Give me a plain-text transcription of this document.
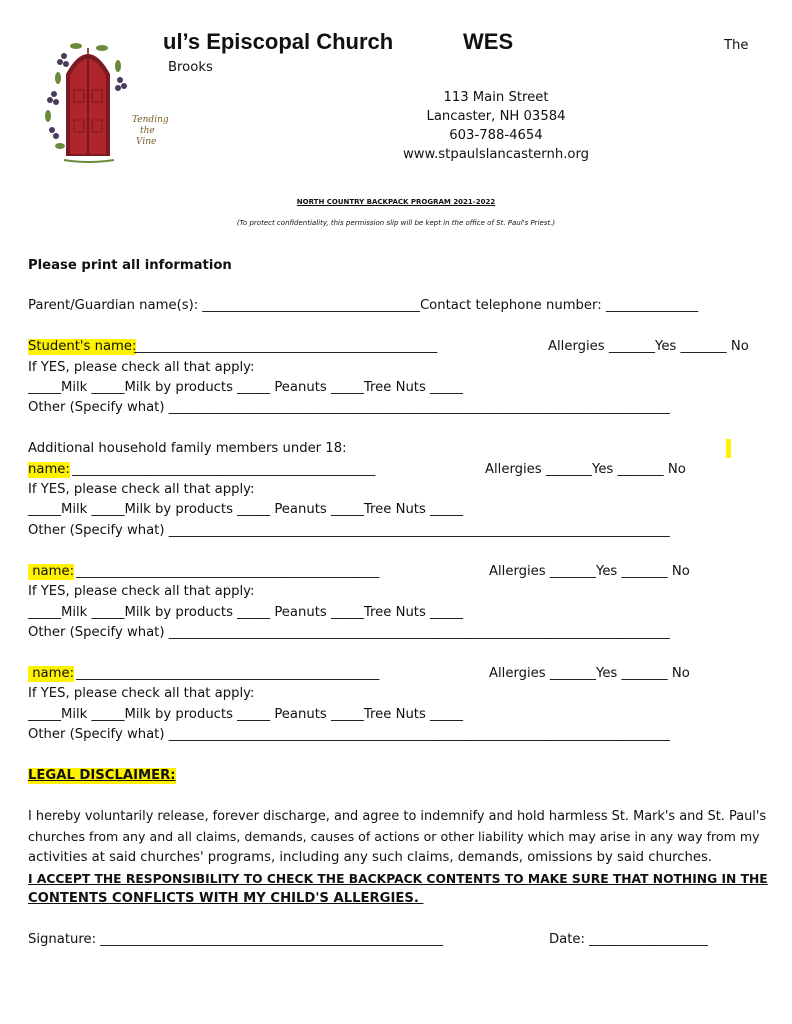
Tending
the
Vine
ul’s Episcopal Church	WES	The
Brooks
113 Main Street
Lancaster, NH 03584
603-788-4654
www.stpaulslancasternh.org
NORTH COUNTRY BACKPACK PROGRAM 2021-2022
(To protect confidentiality, this permission slip will be kept in the office of St. Paul's Priest.)
Please print all information
Parent/Guardian name(s): _________________________________Contact telephone number: ______________
Student's name:
______________________________________________	Allergies _______Yes _______ No
If YES, please check all that apply:
_____Milk _____Milk by products _____ Peanuts _____Tree Nuts _____
Other (Specify what) ____________________________________________________________________________
Additional household family members under 18:
name: ______________________________________________	Allergies _______Yes _______ No
If YES, please check all that apply:
_____Milk _____Milk by products _____ Peanuts _____Tree Nuts _____
Other (Specify what) ____________________________________________________________________________
name: ______________________________________________	Allergies _______Yes _______ No
If YES, please check all that apply:
_____Milk _____Milk by products _____ Peanuts _____Tree Nuts _____
Other (Specify what) ____________________________________________________________________________
name: ______________________________________________	Allergies _______Yes _______ No
If YES, please check all that apply:
_____Milk _____Milk by products _____ Peanuts _____Tree Nuts _____
Other (Specify what) ____________________________________________________________________________
LEGAL DISCLAIMER:
I hereby voluntarily release, forever discharge, and agree to indemnify and hold harmless St. Mark's and St. Paul's
churches from any and all claims, demands, causes of actions or other liability which may arise in any way from my
activities at said churches' programs, including any such claims, demands, omissions by said churches.
I ACCEPT THE RESPONSIBILITY TO CHECK THE BACKPACK CONTENTS TO MAKE SURE THAT NOTHING IN THE
CONTENTS CONFLICTS WITH MY CHILD'S ALLERGIES.
Signature: ____________________________________________________	Date: __________________
